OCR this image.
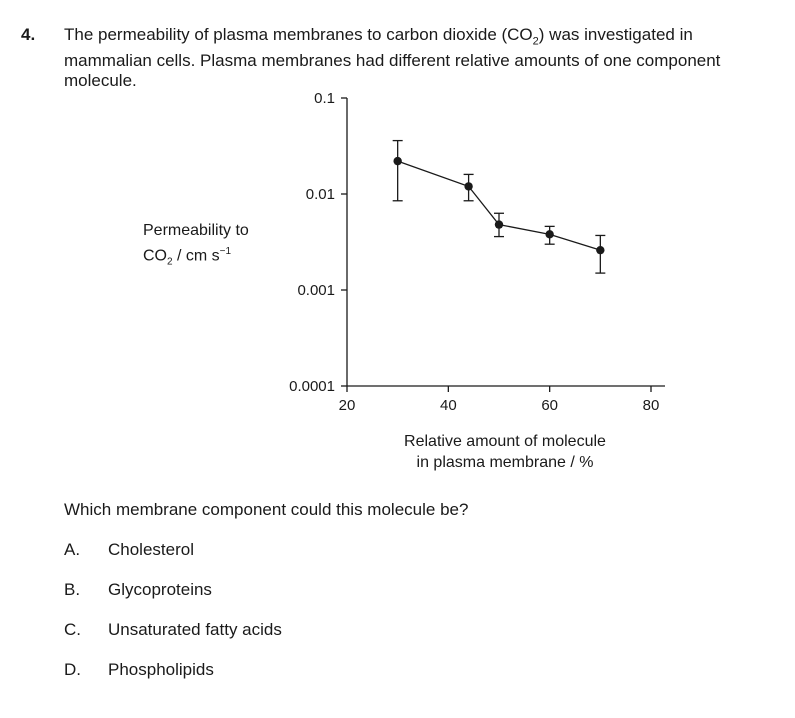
4. The permeability of plasma membranes to carbon dioxide $(CO_2)$ was investigated in mammalian cells. Plasma membranes had different relative amounts of one component molecule.
Permeability to
$CO_2$ / cm $s^{-1}$
0.1
0.01
0.001
0.0001
20	40	60	80
Relative amount of molecule
in plasma membrane / %
Which membrane component could this molecule be?
A. Cholesterol
B. Glycoproteins
C. Unsaturated fatty acids
D. Phospholipids
